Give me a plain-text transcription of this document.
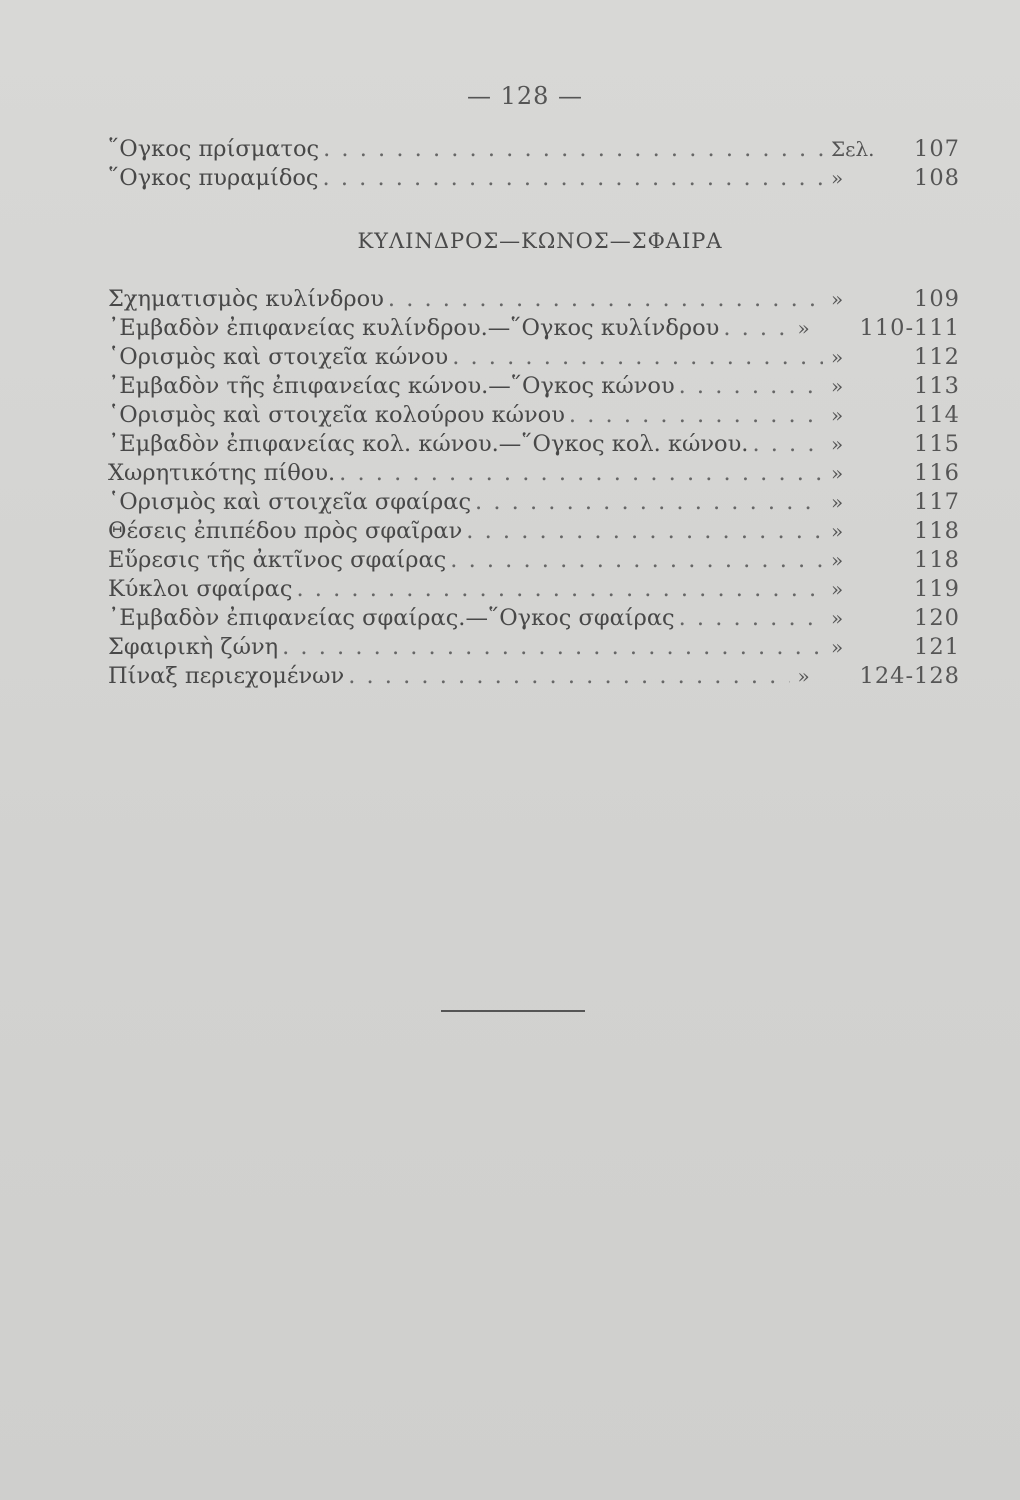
— 128 —
῞Ογκος πρίσματος . . .	Σελ.	107
῞Ογκος πυραμίδος . . .	»	108
ΚΥΛΙΝΔΡΟΣ—ΚΩΝΟΣ—ΣΦΑΙΡΑ
Σχηματισμὸς κυλίνδρου . . .	»	109
᾿Εμβαδὸν ἐπιφανείας κυλίνδρου.—῞Ογκος κυλίνδρου . . .	»	110-111
῾Ορισμὸς καὶ στοιχεῖα κώνου . . .	»	112
᾿Εμβαδὸν τῆς ἐπιφανείας κώνου.—῞Ογκος κώνου . . .	»	113
῾Ορισμὸς καὶ στοιχεῖα κολούρου κώνου . . .	»	114
᾿Εμβαδὸν ἐπιφανείας κολ. κώνου.—῞Ογκος κολ. κώνου. . . .	»	115
Χωρητικότης πίθου. . . .	»	116
῾Ορισμὸς καὶ στοιχεῖα σφαίρας . . .	»	117
Θέσεις ἐπιπέδου πρὸς σφαῖραν . . .	»	118
Εὕρεσις τῆς ἀκτῖνος σφαίρας . . .	»	118
Κύκλοι σφαίρας . . .	»	119
᾿Εμβαδὸν ἐπιφανείας σφαίρας.—῞Ογκος σφαίρας . . .	»	120
Σφαιρικὴ ζώνη . . .	»	121
Πίναξ περιεχομένων . . .	»	124-128
